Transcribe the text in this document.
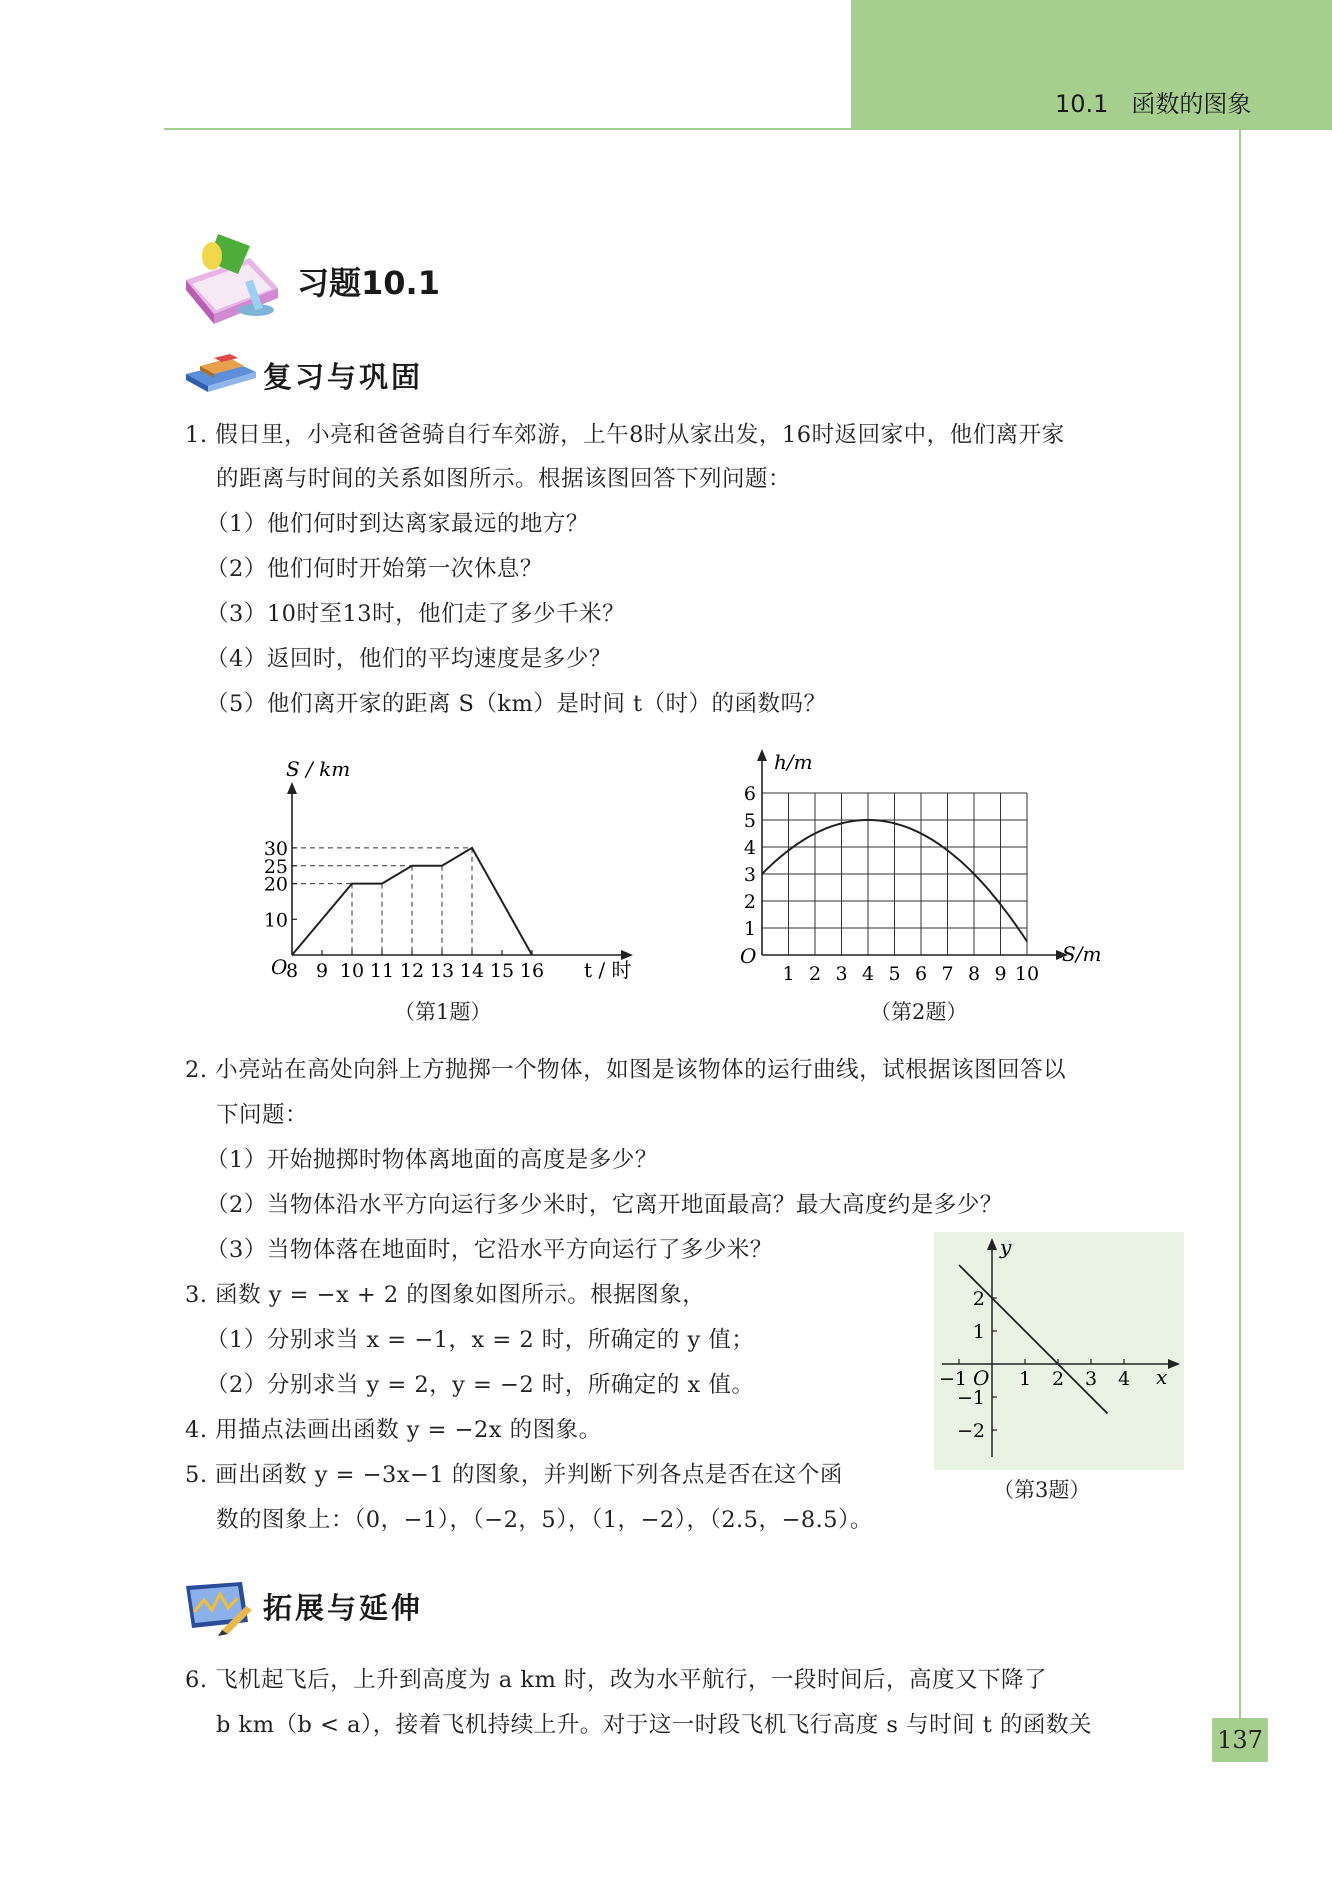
10.1 函数的图象
习题10.1
复习与巩固
1. 假日里，小亮和爸爸骑自行车郊游，上午8时从家出发，16时返回家中，他们离开家
的距离与时间的关系如图所示。根据该图回答下列问题：
（1）他们何时到达离家最远的地方？
（2）他们何时开始第一次休息？
（3）10时至13时，他们走了多少千米？
（4）返回时，他们的平均速度是多少？
（5）他们离开家的距离 S（km）是时间 t（时）的函数吗？
8 9 10 11 12 13 14 15 16
10
20
25
30
S / km
t / 时
O
（第1题）
1 2 3 4 5 6 7 8 9 10
1
2
3
4
5
6
h/m
S/m
O
（第2题）
2. 小亮站在高处向斜上方抛掷一个物体，如图是该物体的运行曲线，试根据该图回答以
下问题：
（1）开始抛掷时物体离地面的高度是多少？
（2）当物体沿水平方向运行多少米时，它离开地面最高？最大高度约是多少？
（3）当物体落在地面时，它沿水平方向运行了多少米？
3. 函数 y = −x + 2 的图象如图所示。根据图象，
（1）分别求当 x = −1，x = 2 时，所确定的 y 值；
（2）分别求当 y = 2，y = −2 时，所确定的 x 值。
4. 用描点法画出函数 y = −2x 的图象。
5. 画出函数 y = −3x−1 的图象，并判断下列各点是否在这个函
数的图象上：（0，−1），（−2，5），（1，−2），（2.5，−8.5）。
−1	1 2 3 4
2
1
−1
−2
y
x
O
（第3题）
拓展与延伸
6. 飞机起飞后，上升到高度为 a km 时，改为水平航行，一段时间后，高度又下降了
b km（b < a），接着飞机持续上升。对于这一时段飞机飞行高度 s 与时间 t 的函数关
137
